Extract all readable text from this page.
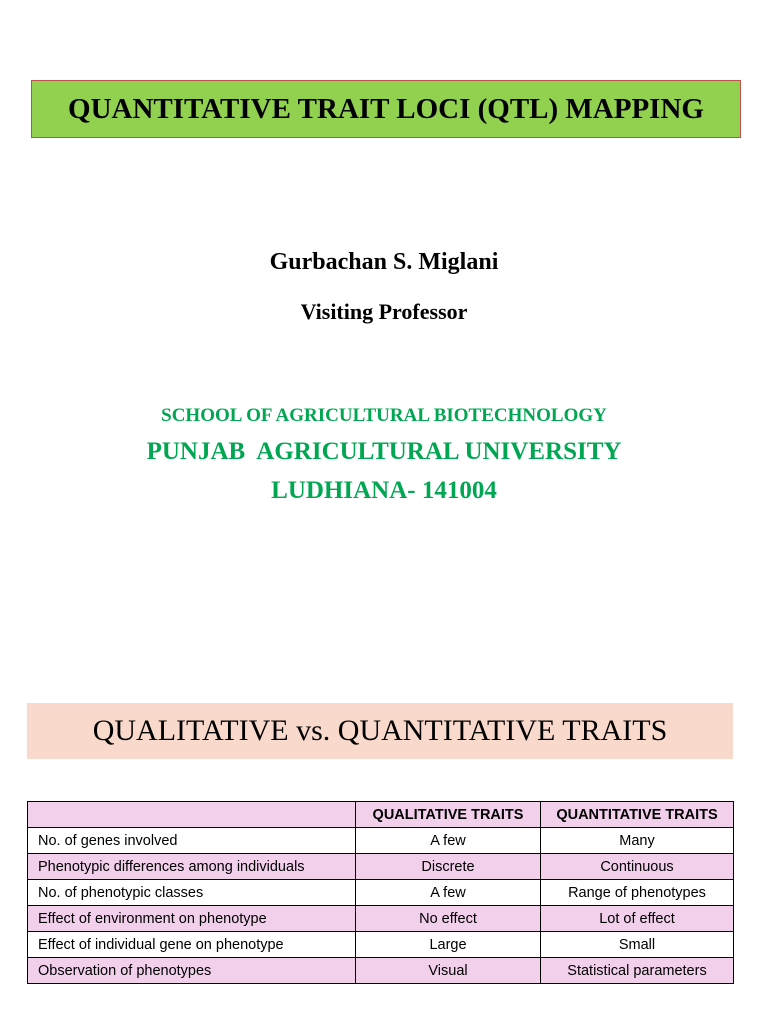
QUANTITATIVE TRAIT LOCI (QTL) MAPPING
Gurbachan S. Miglani
Visiting Professor
SCHOOL OF AGRICULTURAL BIOTECHNOLOGY
PUNJAB  AGRICULTURAL UNIVERSITY
LUDHIANA- 141004
QUALITATIVE vs. QUANTITATIVE TRAITS
	QUALITATIVE TRAITS	QUANTITATIVE TRAITS
No. of genes involved	A few	Many
Phenotypic differences among individuals	Discrete	Continuous
No. of phenotypic classes	A few	Range of phenotypes
Effect of environment on phenotype	No effect	Lot of effect
Effect of individual gene on phenotype	Large	Small
Observation of phenotypes	Visual	Statistical parameters
